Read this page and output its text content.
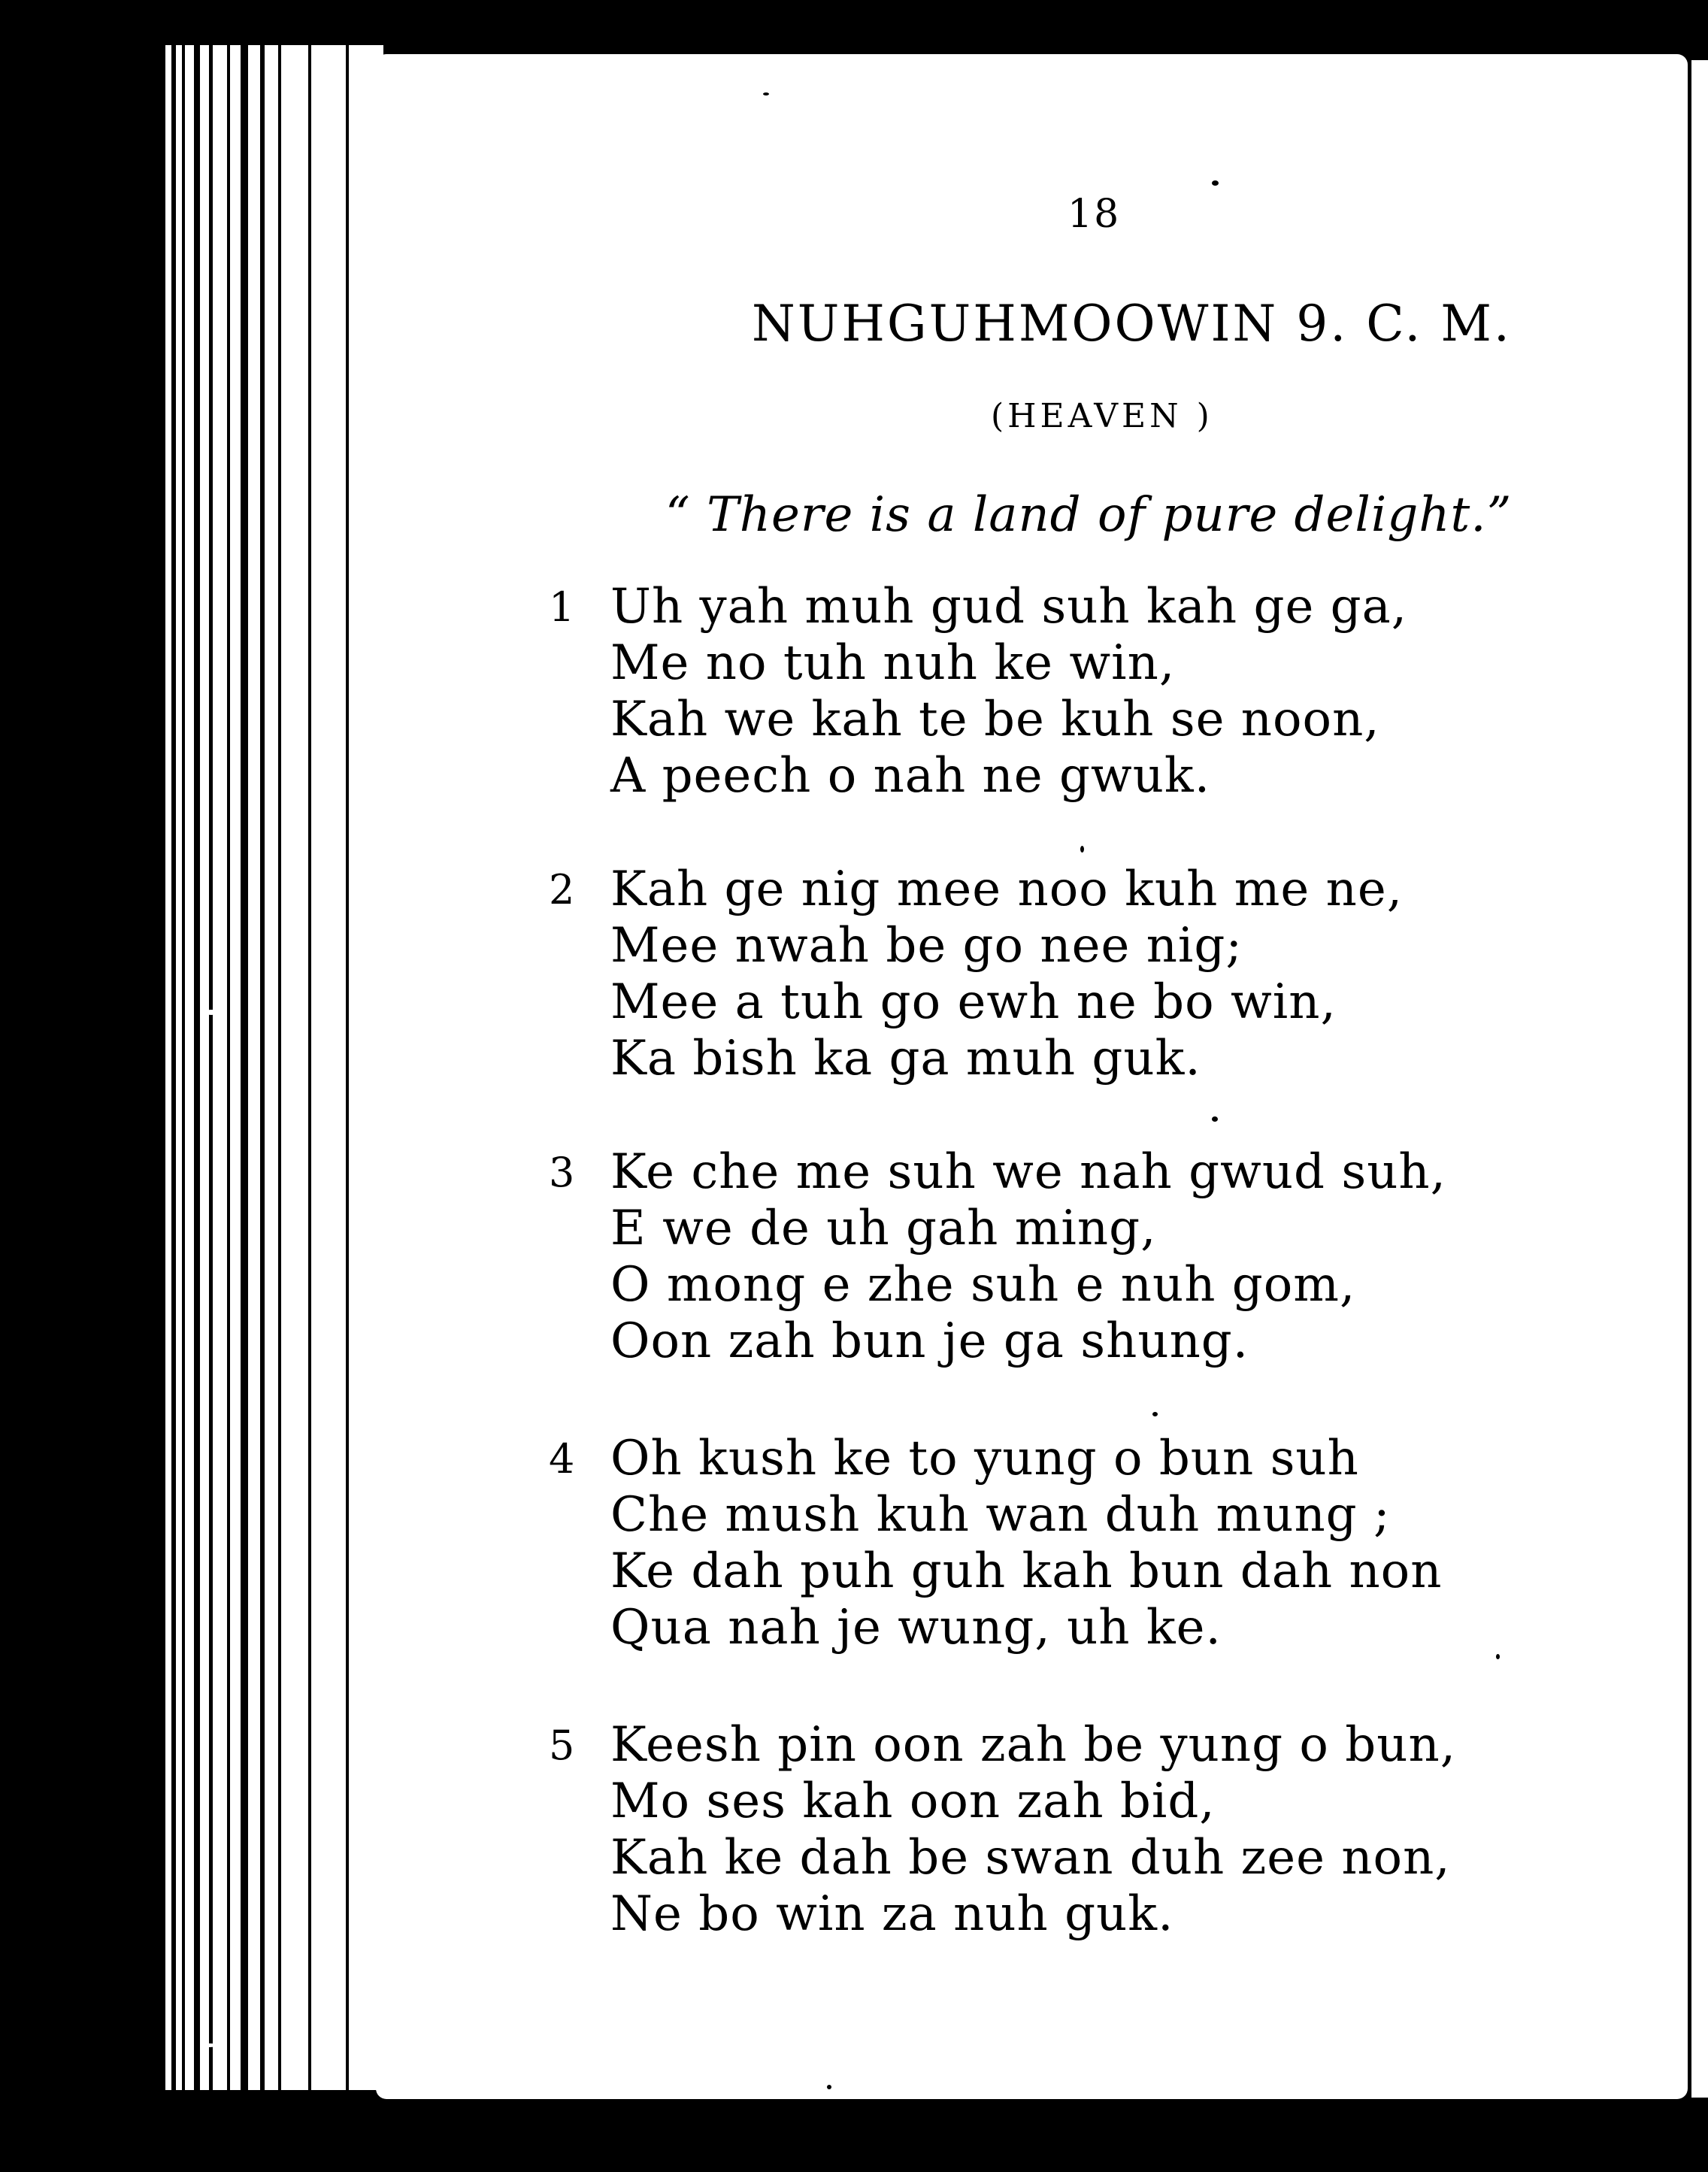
18
NUHGUHMOOWIN 9. C. M.
(HEAVEN )
“ There is a land of pure delight.”
1 Uh yah muh gud suh kah ge ga,
Me no tuh nuh ke win,
Kah we kah te be kuh se noon,
A peech o nah ne gwuk.
2 Kah ge nig mee noo kuh me ne,
Mee nwah be go nee nig;
Mee a tuh go ewh ne bo win,
Ka bish ka ga muh guk.
3 Ke che me suh we nah gwud suh,
E we de uh gah ming,
O mong e zhe suh e nuh gom,
Oon zah bun je ga shung.
4 Oh kush ke to yung o bun suh
Che mush kuh wan duh mung ;
Ke dah puh guh kah bun dah non
Qua nah je wung, uh ke.
5 Keesh pin oon zah be yung o bun,
Mo ses kah oon zah bid,
Kah ke dah be swan duh zee non,
Ne bo win za nuh guk.
